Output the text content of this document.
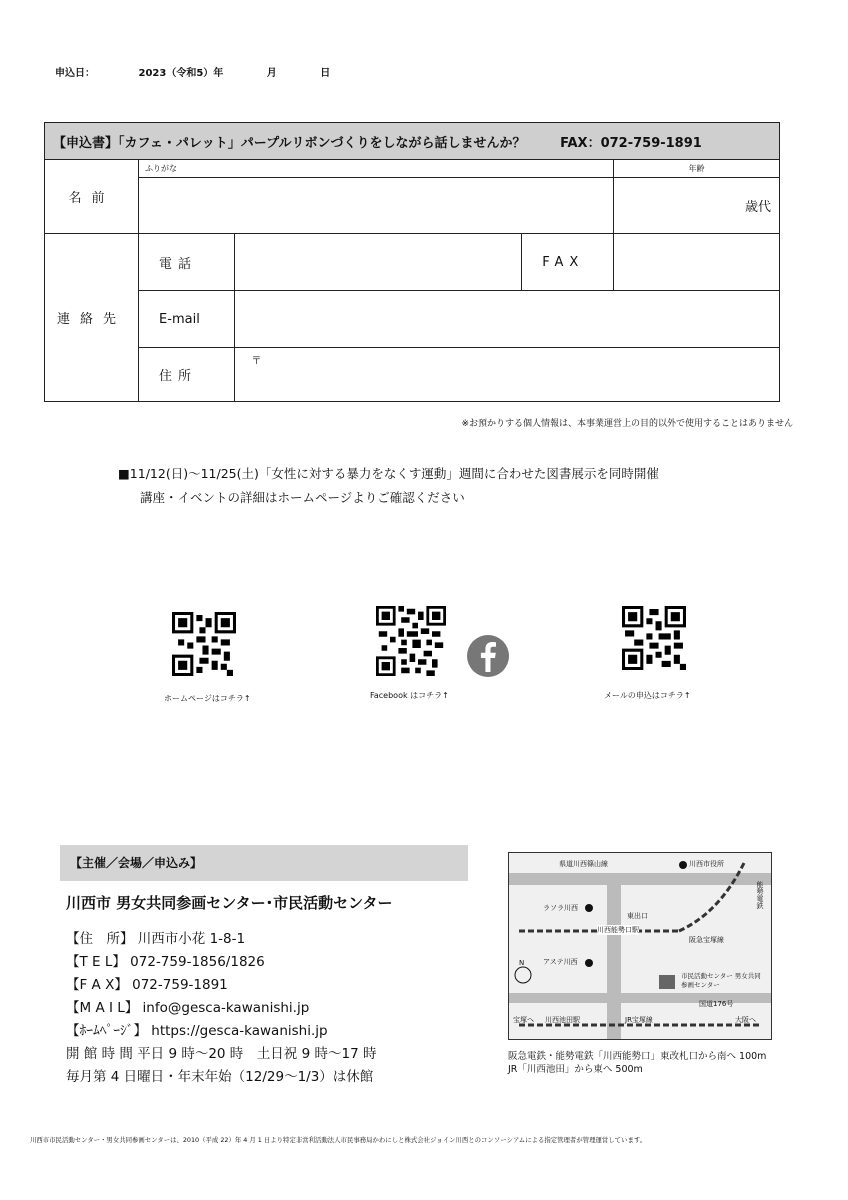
申込日：	2023（令和5）年	月	日
【申込書】「カフェ・パレット」パープルリボンづくりをしながら話しませんか？ FAX：072-759-1891				
名前	ふりがな			年齢
				歳代
連絡先	電話		FAX	
	E-mail			
	住所	〒		
※お預かりする個人情報は、本事業運営上の目的以外で使用することはありません
■11/12(日)～11/25(土)「女性に対する暴力をなくす運動」週間に合わせた図書展示を同時開催
講座・イベントの詳細はホームページよりご確認ください
ホームページはコチラ↑	Facebook はコチラ↑	メールの申込はコチラ↑
【主催／会場／申込み】
川西市 男女共同参画センター･市民活動センター
【住　所】 川西市小花 1-8-1
【T E L】 072-759-1856/1826
【F A X】 072-759-1891
【M A I L】 info@gesca-kawanishi.jp
【ﾎｰﾑﾍﾟｰｼﾞ】 https://gesca-kawanishi.jp
開 館 時 間 平日 9 時～20 時　土日祝 9 時～17 時
毎月第 4 日曜日・年末年始（12/29～1/3）は休館
県道川西篠山線	川西市役所
能勢電鉄
ラソラ川西
東出口
川西能勢口駅
阪急宝塚線
アステ川西
N
市民活動センター 男女共同参画センター
国道176号
宝塚へ 川西池田駅	JR宝塚線	大阪へ
阪急電鉄・能勢電鉄「川西能勢口」東改札口から南へ 100m
JR「川西池田」から東へ 500m
川西市市民活動センター・男女共同参画センターは、2010（平成 22）年 4 月 1 日より特定非営利活動法人市民事務局かわにしと株式会社ジョイン川西とのコンソーシアムによる指定管理者が管理運営しています。
